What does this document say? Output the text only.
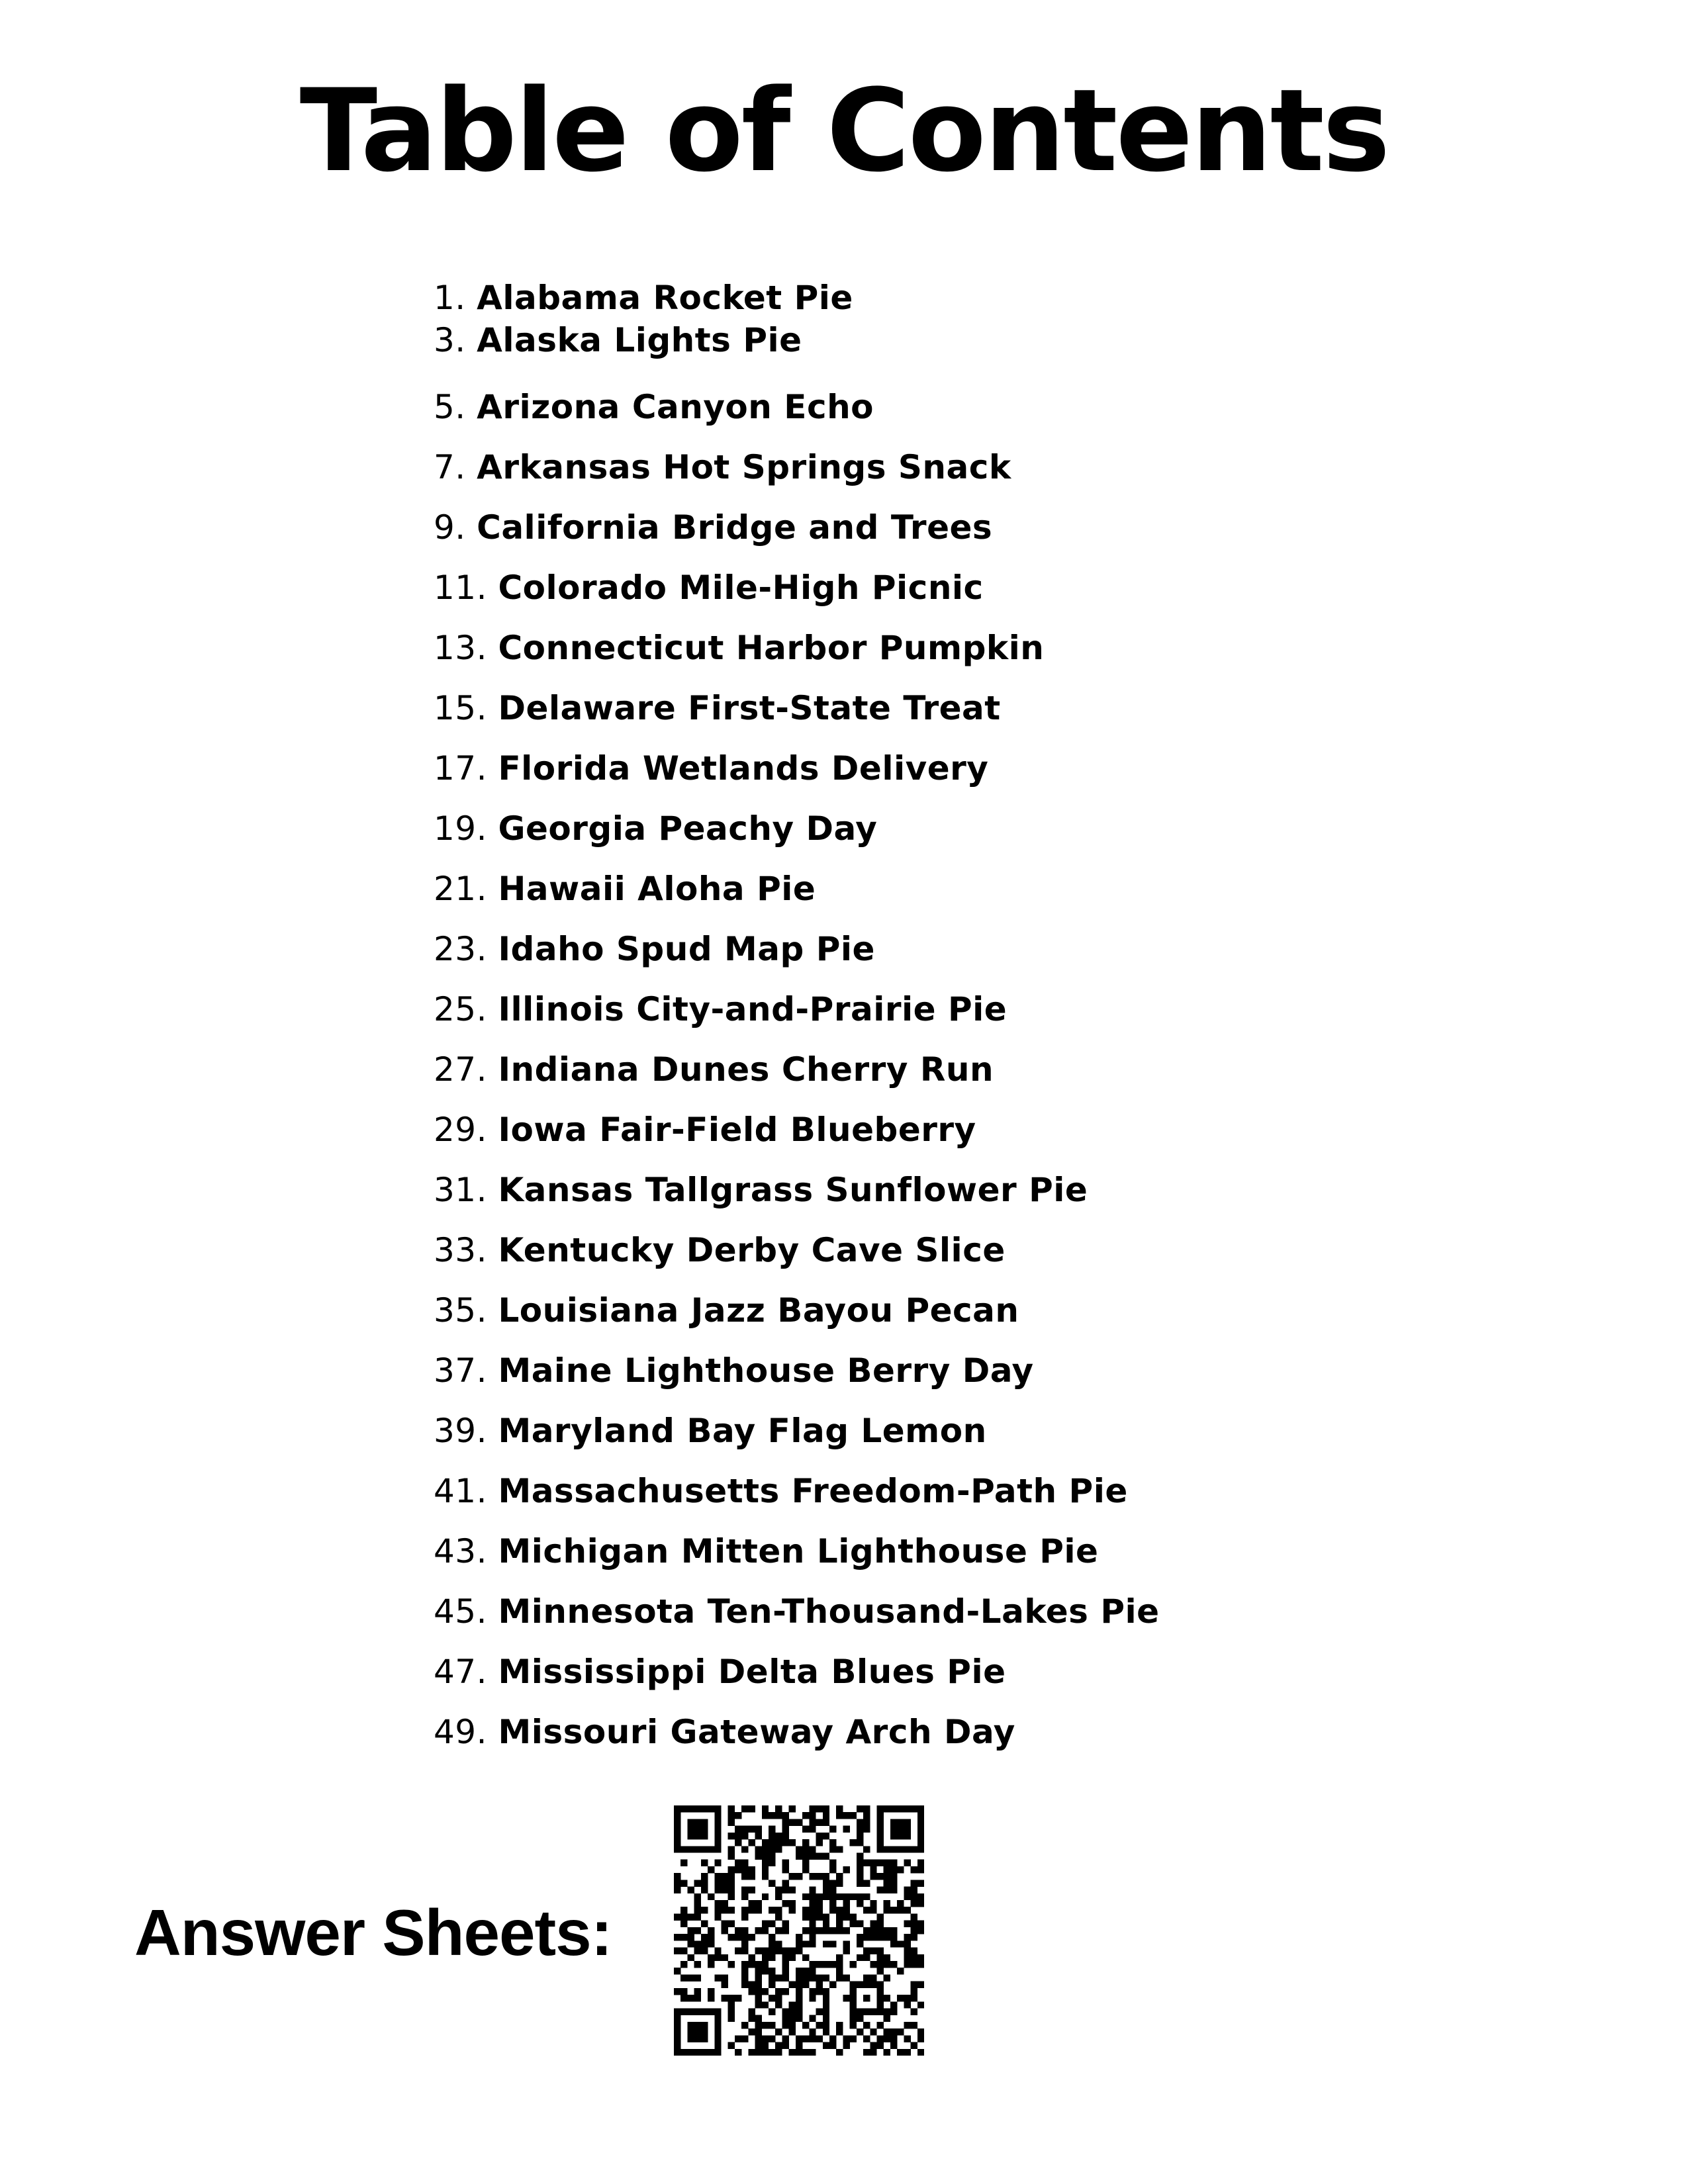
Table of Contents
1. Alabama Rocket Pie
3. Alaska Lights Pie
5. Arizona Canyon Echo
7. Arkansas Hot Springs Snack
9. California Bridge and Trees
11. Colorado Mile-High Picnic
13. Connecticut Harbor Pumpkin
15. Delaware First-State Treat
17. Florida Wetlands Delivery
19. Georgia Peachy Day
21. Hawaii Aloha Pie
23. Idaho Spud Map Pie
25. Illinois City-and-Prairie Pie
27. Indiana Dunes Cherry Run
29. Iowa Fair-Field Blueberry
31. Kansas Tallgrass Sunflower Pie
33. Kentucky Derby Cave Slice
35. Louisiana Jazz Bayou Pecan
37. Maine Lighthouse Berry Day
39. Maryland Bay Flag Lemon
41. Massachusetts Freedom-Path Pie
43. Michigan Mitten Lighthouse Pie
45. Minnesota Ten-Thousand-Lakes Pie
47. Mississippi Delta Blues Pie
49. Missouri Gateway Arch Day
Answer Sheets:
